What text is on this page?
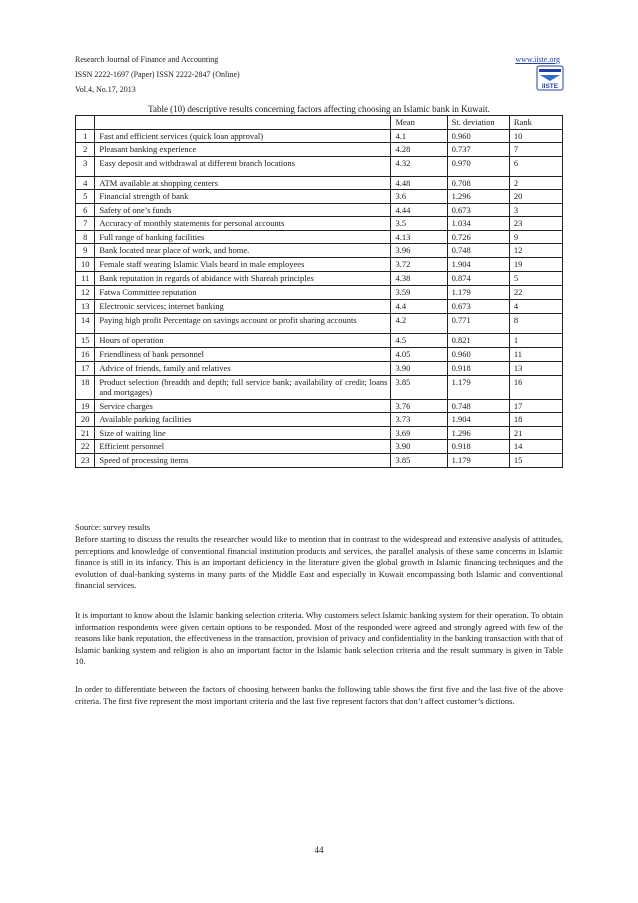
Research Journal of Finance and Accounting
ISSN 2222-1697 (Paper) ISSN 2222-2847 (Online)
Vol.4, No.17, 2013
www.iiste.org
IISTE
Table (10) descriptive results concerning factors affecting choosing an Islamic bank in Kuwait.
		Mean	St. deviation	Rank
1	Fast and efficient services (quick loan approval)	4.1	0.960	10
2	Pleasant banking experience	4.28	0.737	7
3	Easy deposit and withdrawal at different branch locations	4.32	0.970	6
4	ATM available at shopping centers	4.48	0.708	2
5	Financial strength of bank	3.6	1.296	20
6	Safety of one’s funds	4.44	0.673	3
7	Accuracy of monthly statements for personal accounts	3.5	1.034	23
8	Full range of banking facilities	4.13	0.726	9
9	Bank located near place of work, and home.	3.96	0.748	12
10	Female staff wearing Islamic Vials beard in male employees	3.72	1.904	19
11	Bank reputation in regards of abidance with Shareah principles	4.38	0.874	5
12	Fatwa Committee reputation	3.59	1.179	22
13	Electronic services; internet banking	4.4	0.673	4
14	Paying high profit Percentage on savings account or profit sharing accounts	4.2	0.771	8
15	Hours of operation	4.5	0.821	1
16	Friendliness of bank personnel	4.05	0.960	11
17	Advice of friends, family and relatives	3.90	0.918	13
18	Product selection (breadth and depth; full service bank; availability of credit; loans and mortgages)	3.85	1.179	16
19	Service charges	3.76	0.748	17
20	Available parking facilities	3.73	1.904	18
21	Size of waiting line	3.69	1.296	21
22	Efficient personnel	3.90	0.918	14
23	Speed of processing items	3.85	1.179	15
Source: survey results

Before starting to discuss the results the researcher would like to mention that in contrast to the widespread and extensive analysis of attitudes, perceptions and knowledge of conventional financial institution products and services, the parallel analysis of these same concerns in Islamic finance is still in its infancy. This is an important deficiency in the literature given the global growth in Islamic financing techniques and the evolution of dual-banking systems in many parts of the Middle East and especially in Kuwait encompassing both Islamic and conventional financial services.

It is important to know about the Islamic banking selection criteria. Why customers select Islamic banking system for their operation. To obtain information respondents were given certain options to be responded. Most of the responded were agreed and strongly agreed with few of the reasons like bank reputation, the effectiveness in the transaction, provision of privacy and confidentiality in the banking transaction with that of Islamic banking system and religion is also an important factor in the Islamic bank selection criteria and the result summary is given in Table 10.

In order to differentiate between the factors of choosing between banks the following table shows the first five and the last five of the above criteria. The first five represent the most important criteria and the last five represent factors that don’t affect customer’s dictions.

44
